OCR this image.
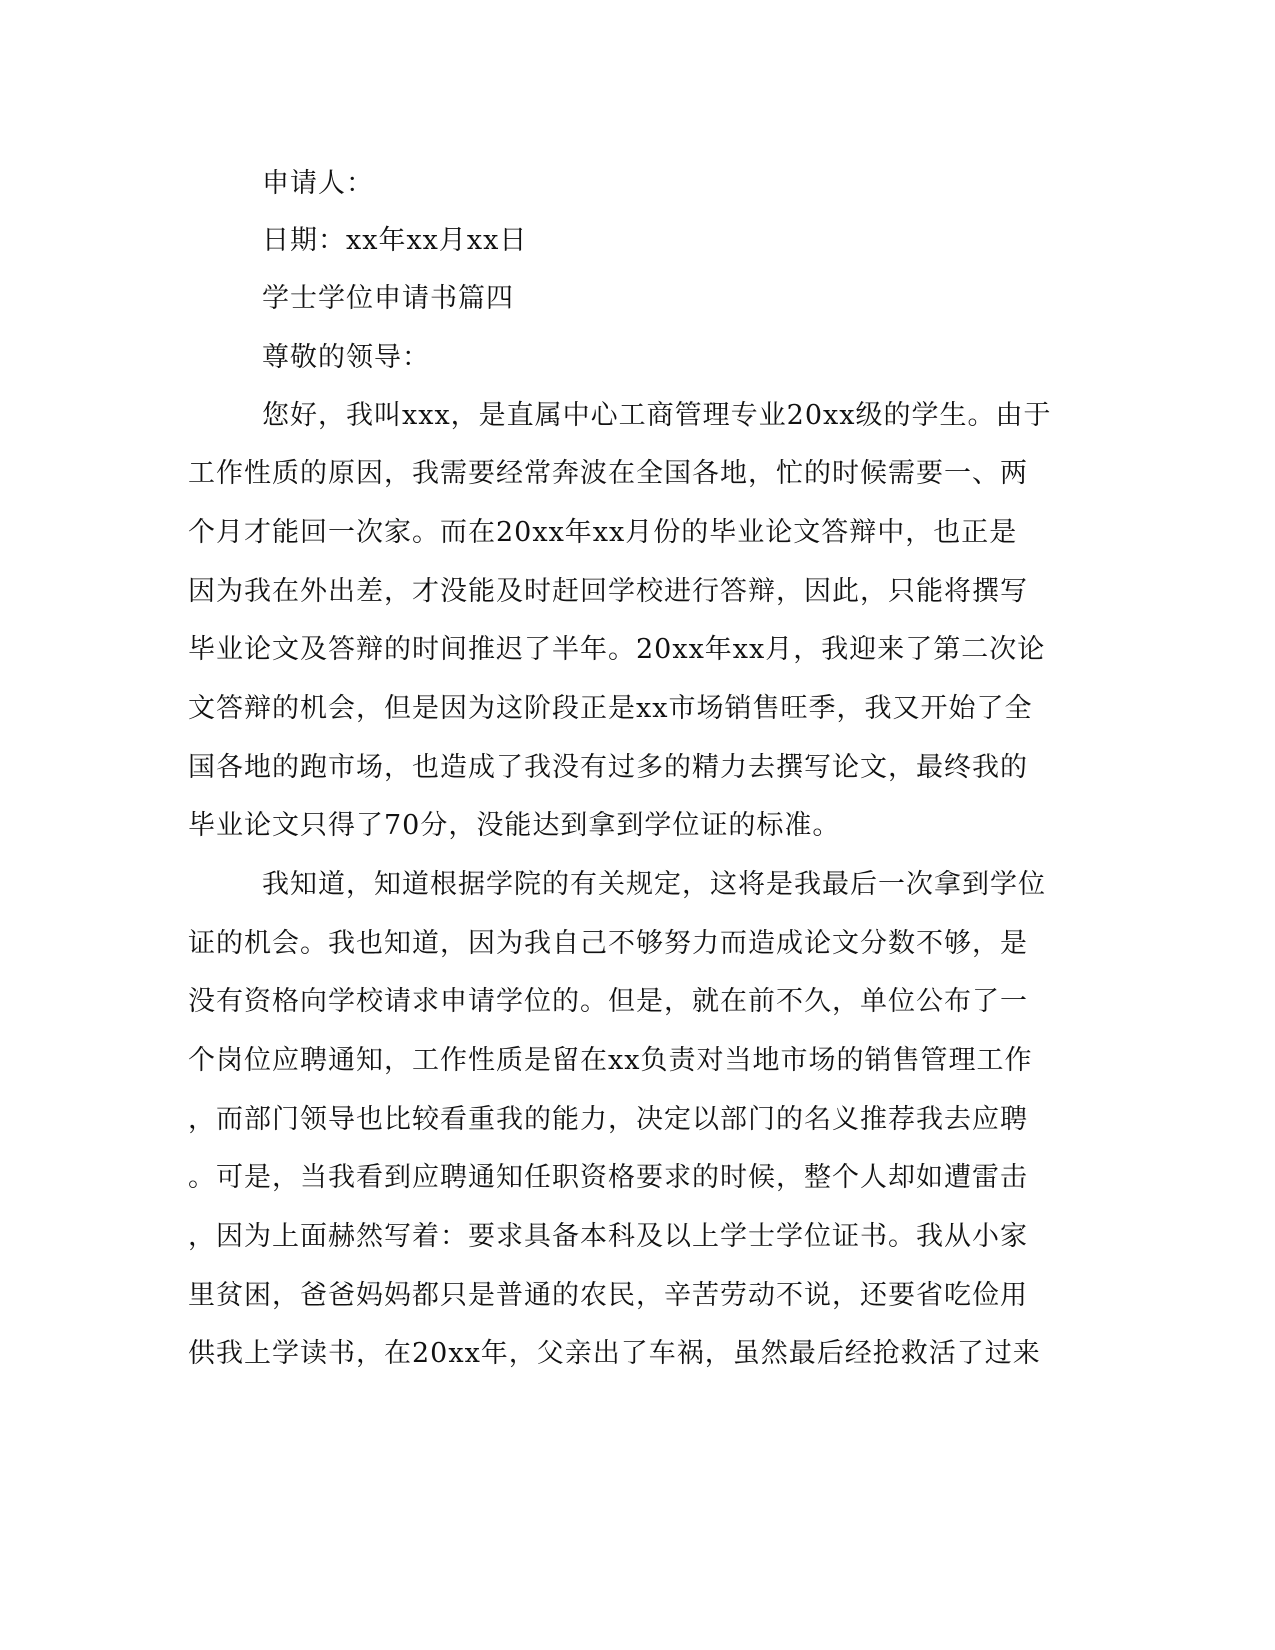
申请人：

日期：xx年xx月xx日

学士学位申请书篇四

尊敬的领导：

您好，我叫xxx，是直属中心工商管理专业20xx级的学生。由于

工作性质的原因，我需要经常奔波在全国各地，忙的时候需要一、两

个月才能回一次家。而在20xx年xx月份的毕业论文答辩中，也正是

因为我在外出差，才没能及时赶回学校进行答辩，因此，只能将撰写

毕业论文及答辩的时间推迟了半年。20xx年xx月，我迎来了第二次论

文答辩的机会，但是因为这阶段正是xx市场销售旺季，我又开始了全

国各地的跑市场，也造成了我没有过多的精力去撰写论文，最终我的

毕业论文只得了70分，没能达到拿到学位证的标准。

我知道，知道根据学院的有关规定，这将是我最后一次拿到学位

证的机会。我也知道，因为我自己不够努力而造成论文分数不够，是

没有资格向学校请求申请学位的。但是，就在前不久，单位公布了一

个岗位应聘通知，工作性质是留在xx负责对当地市场的销售管理工作

，而部门领导也比较看重我的能力，决定以部门的名义推荐我去应聘

。可是，当我看到应聘通知任职资格要求的时候，整个人却如遭雷击

，因为上面赫然写着：要求具备本科及以上学士学位证书。我从小家

里贫困，爸爸妈妈都只是普通的农民，辛苦劳动不说，还要省吃俭用

供我上学读书，在20xx年，父亲出了车祸，虽然最后经抢救活了过来
